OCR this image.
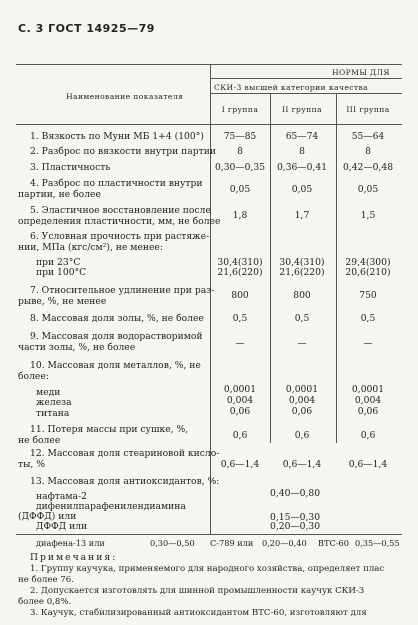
С. 3 ГОСТ 14925—79
Наименование показателя
НОРМЫ ДЛЯ
СКИ-3 высшей категории качества
I группа	II группа	III группа
1. Вязкость по Муни МБ 1+4 (100°)	75—85	65—74	55—64
2. Разброс по вязкости внутри партии	8	8	8
3. Пластичность	0,30—0,35	0,36—0,41	0,42—0,48
4. Разброс по пластичности внутри
партии, не более	0,05	0,05	0,05
5. Эластичное восстановление после
определения пластичности, мм, не более
1,8	1,7	1,5
6. Условная прочность при растяже-
нии, МПа (кгс/см²), не менее:
при 23°С	30,4(310)	30,4(310)	29,4(300)
при 100°С	21,6(220)	21,6(220)	20,6(210)
7. Относительное удлинение при раз-
рыве, %, не менее
800	800	750
8. Массовая доля золы, %, не более	0,5	0,5	0,5
9. Массовая доля водорастворимой
части золы, %, не более	—	—	—
10. Массовая доля металлов, %, не
более:
меди	0,0001	0,0001	0,0001
железа	0,004	0,004	0,004
титана	0,06	0,06	0,06
11. Потеря массы при сушке, %,
не более	0,6	0,6	0,6
12. Массовая доля стеариновой кисло-
ты, %	0,6—1,4	0,6—1,4	0,6—1,4
13. Массовая доля антиоксидантов, %:
нафтама-2	0,40—0,80
дифенилпарафенилендиамина
(ДФФД) или	0,15—0,30
ДФФД или	0,20—0,30
диафена-13 или	0,30—0,50 С-789 или 0,20—0,40 ВТС-60 0,35—0,55
Примечания:
1. Группу каучука, применяемого для народного хозяйства, определяет плас
не более 76.
2. Допускается изготовлять для шинной промышленности каучук СКИ-3
более 0,8%.
3. Каучук, стабилизированный антиоксидантом ВТС-60, изготовляют для
